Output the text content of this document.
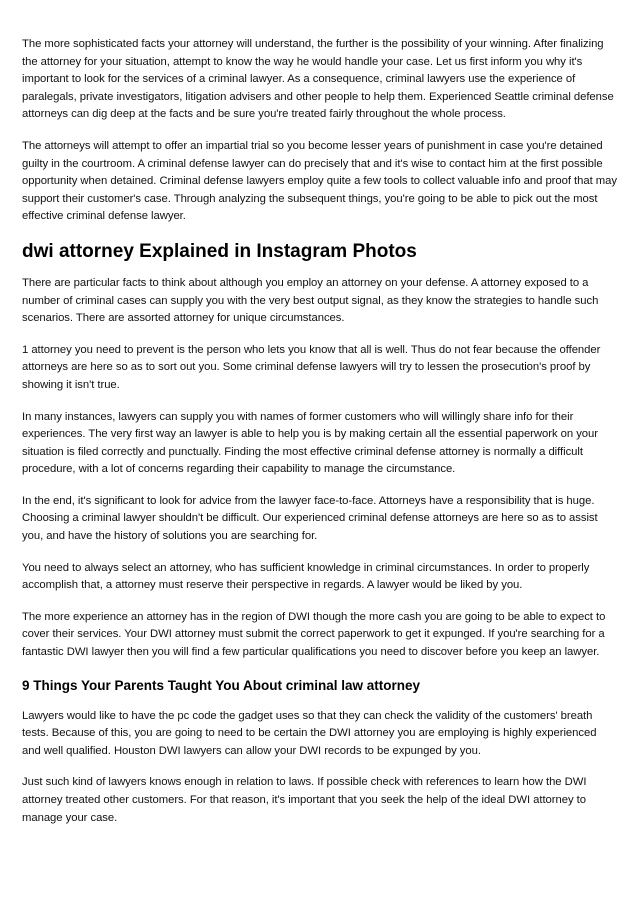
The more sophisticated facts your attorney will understand, the further is the possibility of your winning. After finalizing the attorney for your situation, attempt to know the way he would handle your case. Let us first inform you why it's important to look for the services of a criminal lawyer. As a consequence, criminal lawyers use the experience of paralegals, private investigators, litigation advisers and other people to help them. Experienced Seattle criminal defense attorneys can dig deep at the facts and be sure you're treated fairly throughout the whole process.

The attorneys will attempt to offer an impartial trial so you become lesser years of punishment in case you're detained guilty in the courtroom. A criminal defense lawyer can do precisely that and it's wise to contact him at the first possible opportunity when detained. Criminal defense lawyers employ quite a few tools to collect valuable info and proof that may support their customer's case. Through analyzing the subsequent things, you're going to be able to pick out the most effective criminal defense lawyer.

dwi attorney Explained in Instagram Photos

There are particular facts to think about although you employ an attorney on your defense. A attorney exposed to a number of criminal cases can supply you with the very best output signal, as they know the strategies to handle such scenarios. There are assorted attorney for unique circumstances.

1 attorney you need to prevent is the person who lets you know that all is well. Thus do not fear because the offender attorneys are here so as to sort out you. Some criminal defense lawyers will try to lessen the prosecution's proof by showing it isn't true.

In many instances, lawyers can supply you with names of former customers who will willingly share info for their experiences. The very first way an lawyer is able to help you is by making certain all the essential paperwork on your situation is filed correctly and punctually. Finding the most effective criminal defense attorney is normally a difficult procedure, with a lot of concerns regarding their capability to manage the circumstance.

In the end, it's significant to look for advice from the lawyer face-to-face. Attorneys have a responsibility that is huge. Choosing a criminal lawyer shouldn't be difficult. Our experienced criminal defense attorneys are here so as to assist you, and have the history of solutions you are searching for.

You need to always select an attorney, who has sufficient knowledge in criminal circumstances. In order to properly accomplish that, a attorney must reserve their perspective in regards. A lawyer would be liked by you.

The more experience an attorney has in the region of DWI though the more cash you are going to be able to expect to cover their services. Your DWI attorney must submit the correct paperwork to get it expunged. If you're searching for a fantastic DWI lawyer then you will find a few particular qualifications you need to discover before you keep an lawyer.

9 Things Your Parents Taught You About criminal law attorney

Lawyers would like to have the pc code the gadget uses so that they can check the validity of the customers' breath tests. Because of this, you are going to need to be certain the DWI attorney you are employing is highly experienced and well qualified. Houston DWI lawyers can allow your DWI records to be expunged by you.

Just such kind of lawyers knows enough in relation to laws. If possible check with references to learn how the DWI attorney treated other customers. For that reason, it's important that you seek the help of the ideal DWI attorney to manage your case.
